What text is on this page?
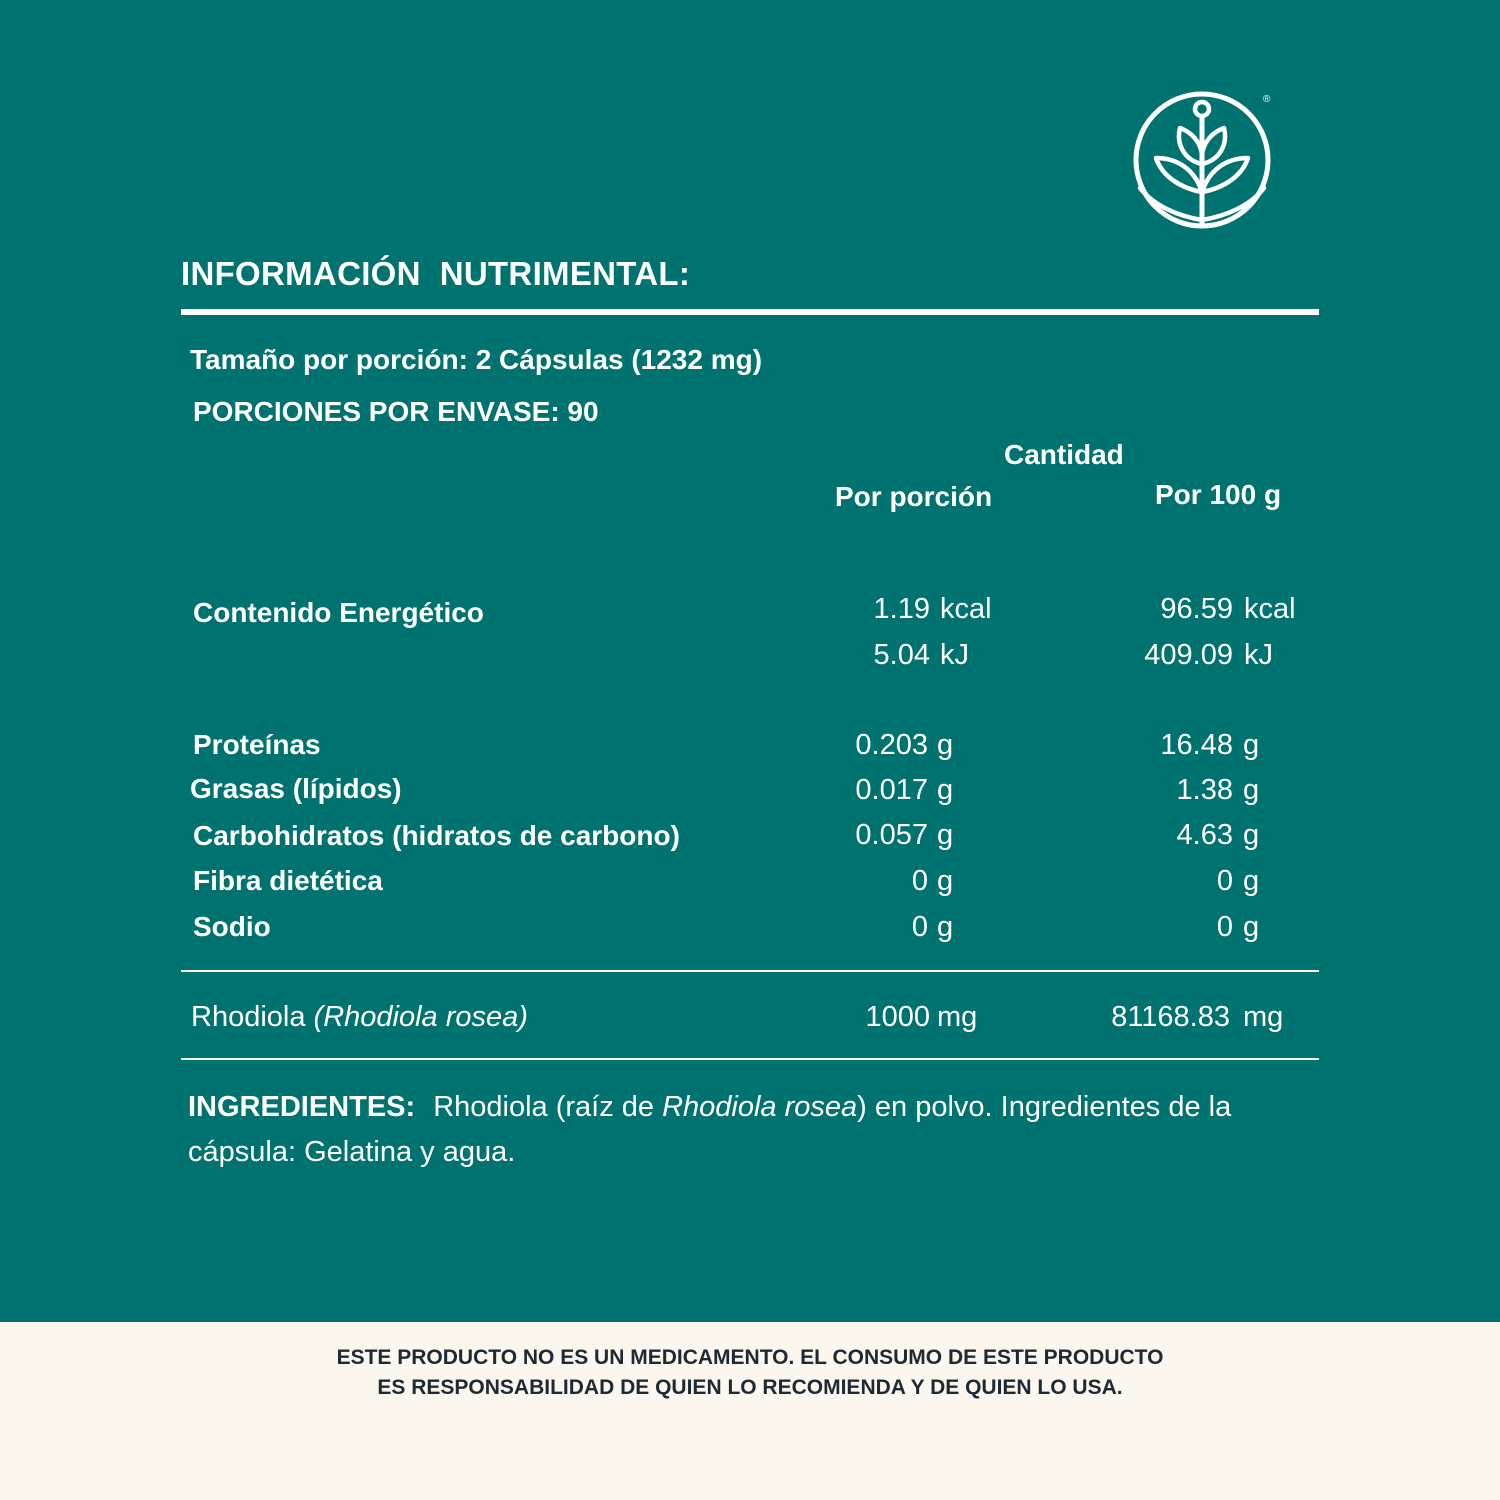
®
INFORMACIÓN  NUTRIMENTAL:
Tamaño por porción: 2 Cápsulas (1232 mg)
PORCIONES POR ENVASE: 90
Cantidad
Por porción	Por 100 g
Contenido Energético	1.19 kcal	96.59 kcal
5.04 kJ	409.09 kJ
Proteínas	0.203 g	16.48 g
Grasas (lípidos)	0.017 g	1.38 g
Carbohidratos (hidratos de carbono)	0.057 g	4.63 g
Fibra dietética	0 g	0 g
Sodio	0 g	0 g
Rhodiola (Rhodiola rosea)	1000 mg	81168.83 mg
INGREDIENTES: Rhodiola (raíz de Rhodiola rosea) en polvo. Ingredientes de la cápsula: Gelatina y agua.
ESTE PRODUCTO NO ES UN MEDICAMENTO. EL CONSUMO DE ESTE PRODUCTO
ES RESPONSABILIDAD DE QUIEN LO RECOMIENDA Y DE QUIEN LO USA.
